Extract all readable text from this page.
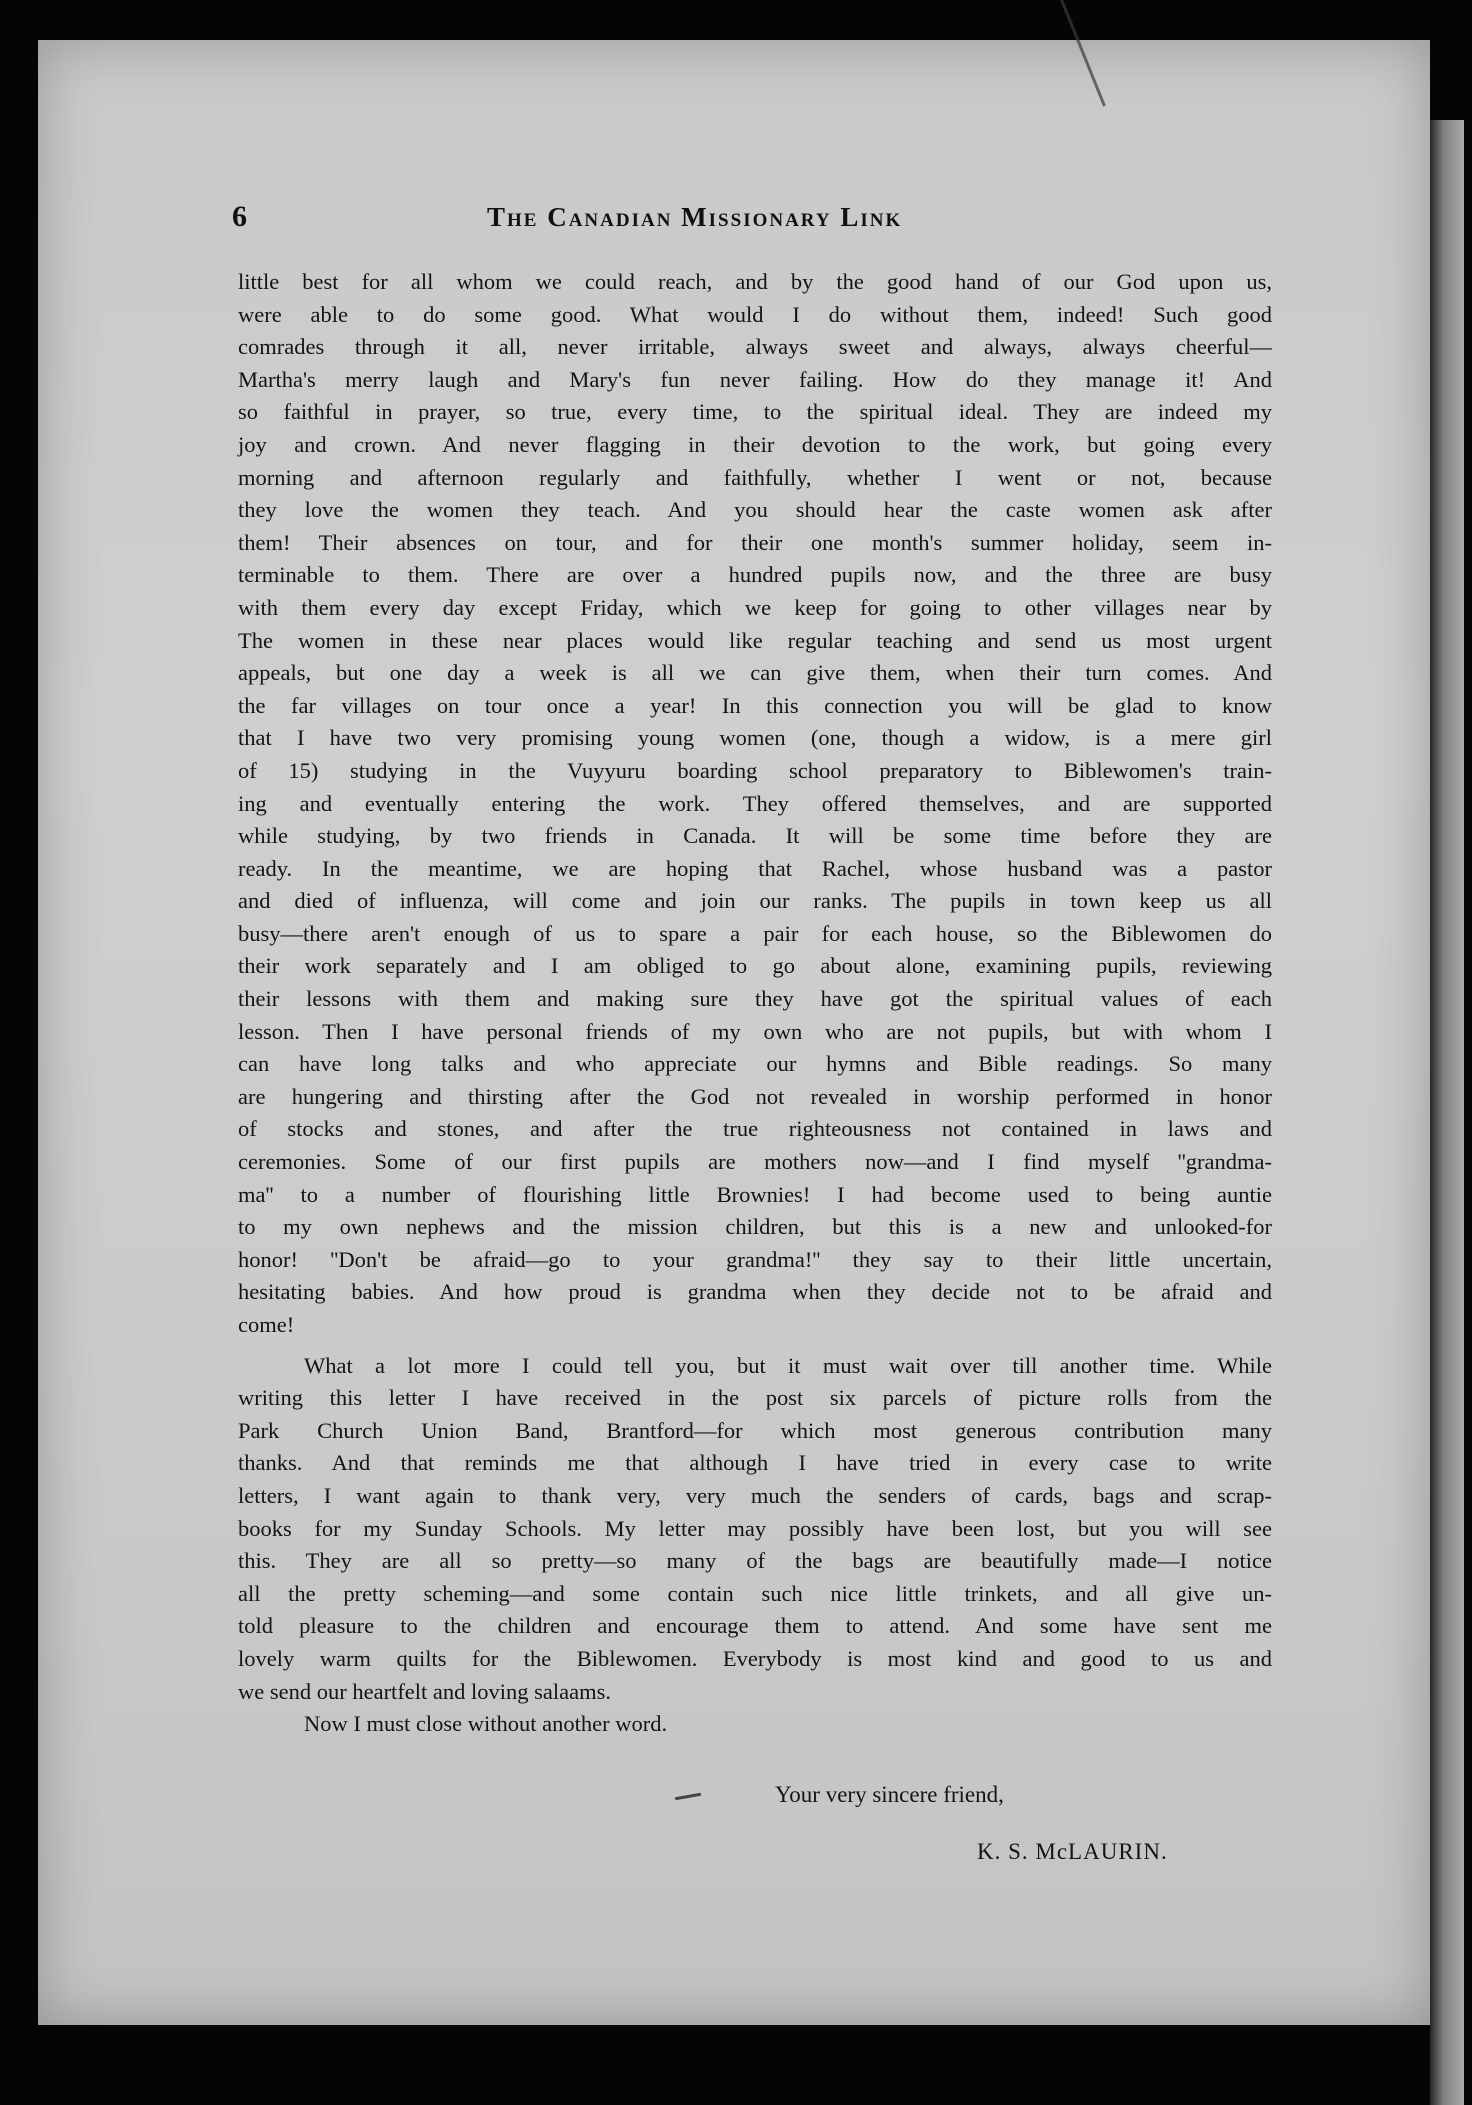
6	The Canadian Missionary Link

little best for all whom we could reach, and by the good hand of our God upon us,

were able to do some good. What would I do without them, indeed! Such good

comrades through it all, never irritable, always sweet and always, always cheerful—

Martha's merry laugh and Mary's fun never failing. How do they manage it! And

so faithful in prayer, so true, every time, to the spiritual ideal. They are indeed my

joy and crown. And never flagging in their devotion to the work, but going every

morning and afternoon regularly and faithfully, whether I went or not, because

they love the women they teach. And you should hear the caste women ask after

them! Their absences on tour, and for their one month's summer holiday, seem in-

terminable to them. There are over a hundred pupils now, and the three are busy

with them every day except Friday, which we keep for going to other villages near by

The women in these near places would like regular teaching and send us most urgent

appeals, but one day a week is all we can give them, when their turn comes. And

the far villages on tour once a year! In this connection you will be glad to know

that I have two very promising young women (one, though a widow, is a mere girl

of 15) studying in the Vuyyuru boarding school preparatory to Biblewomen's train-

ing and eventually entering the work. They offered themselves, and are supported

while studying, by two friends in Canada. It will be some time before they are

ready. In the meantime, we are hoping that Rachel, whose husband was a pastor

and died of influenza, will come and join our ranks. The pupils in town keep us all

busy—there aren't enough of us to spare a pair for each house, so the Biblewomen do

their work separately and I am obliged to go about alone, examining pupils, reviewing

their lessons with them and making sure they have got the spiritual values of each

lesson. Then I have personal friends of my own who are not pupils, but with whom I

can have long talks and who appreciate our hymns and Bible readings. So many

are hungering and thirsting after the God not revealed in worship performed in honor

of stocks and stones, and after the true righteousness not contained in laws and

ceremonies. Some of our first pupils are mothers now—and I find myself ''grandma-

ma'' to a number of flourishing little Brownies! I had become used to being auntie

to my own nephews and the mission children, but this is a new and unlooked-for

honor! ''Don't be afraid—go to your grandma!'' they say to their little uncertain,

hesitating babies. And how proud is grandma when they decide not to be afraid and

come!

What a lot more I could tell you, but it must wait over till another time. While

writing this letter I have received in the post six parcels of picture rolls from the

Park Church Union Band, Brantford—for which most generous contribution many

thanks. And that reminds me that although I have tried in every case to write

letters, I want again to thank very, very much the senders of cards, bags and scrap-

books for my Sunday Schools. My letter may possibly have been lost, but you will see

this. They are all so pretty—so many of the bags are beautifully made—I notice

all the pretty scheming—and some contain such nice little trinkets, and all give un-

told pleasure to the children and encourage them to attend. And some have sent me

lovely warm quilts for the Biblewomen. Everybody is most kind and good to us and

we send our heartfelt and loving salaams.

Now I must close without another word.

Your very sincere friend,
K. S. McLAURIN.
